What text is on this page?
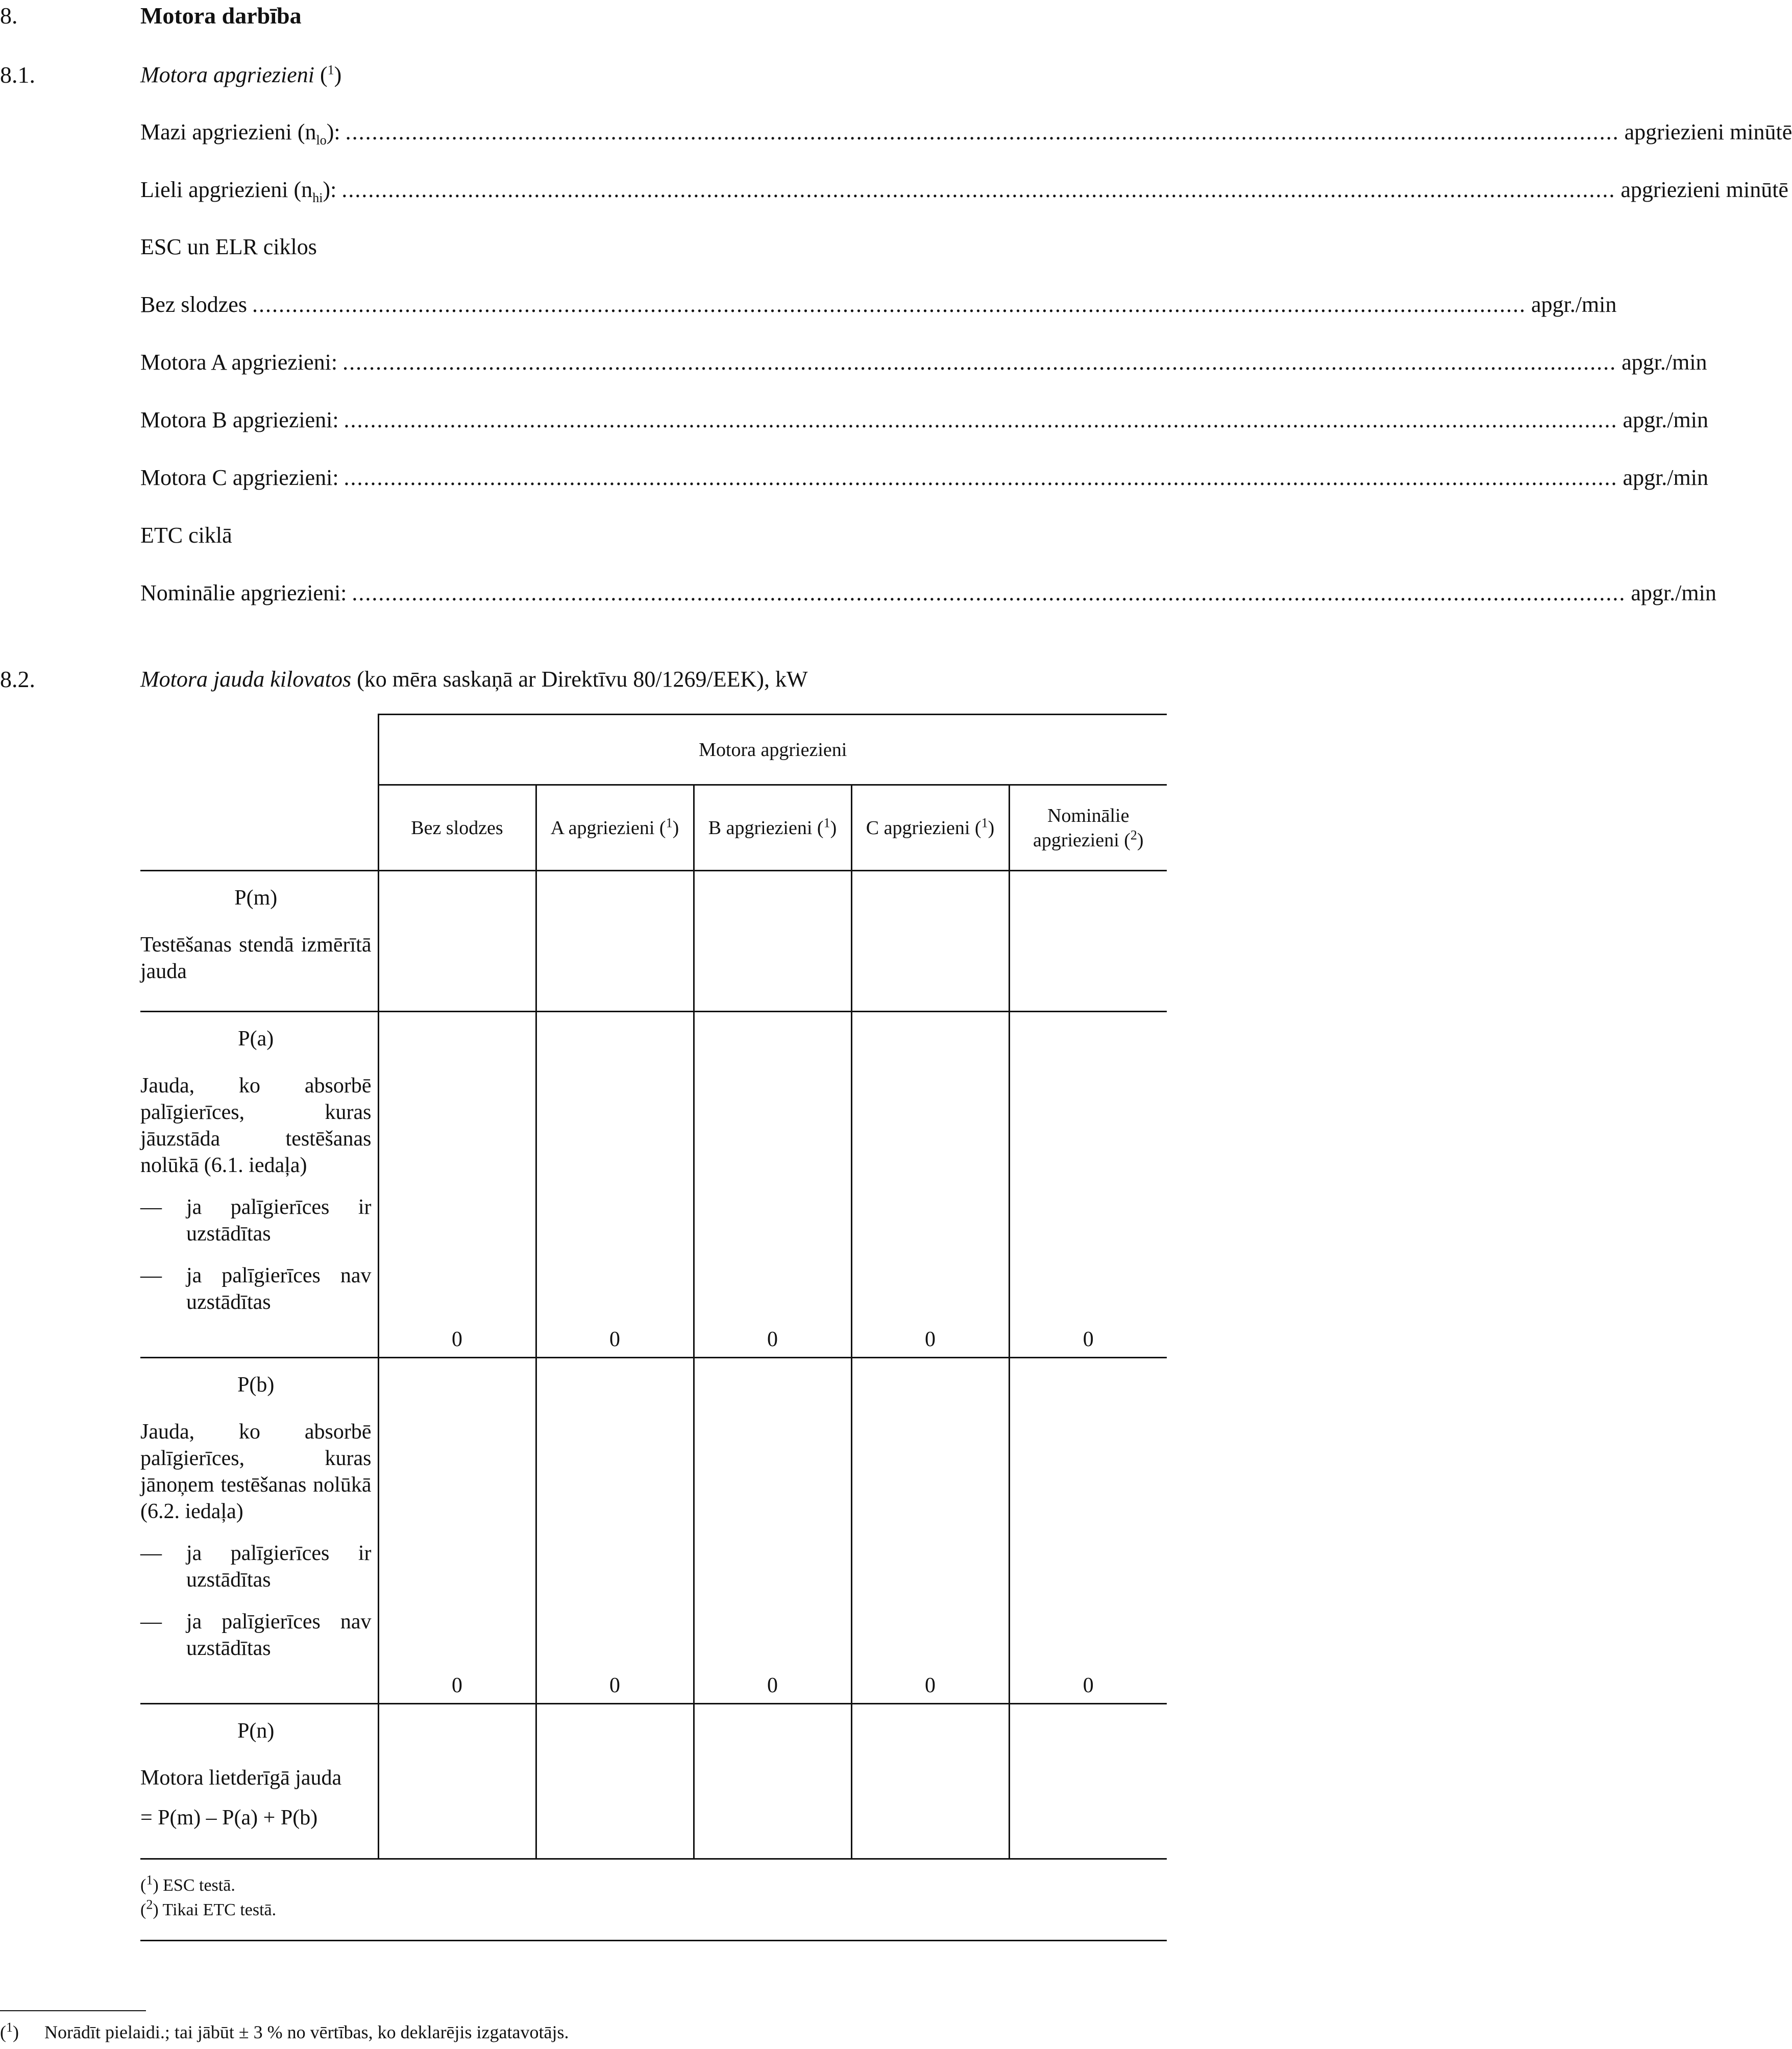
8.	Motora darbība
8.1.	Motora apgriezieni ($^1$)
Mazi apgriezieni $(n_{lo})$: ................................................................................................................................................................................................ apgriezieni minūtē
Lieli apgriezieni $(n_{hi})$: ................................................................................................................................................................................................ apgriezieni minūtē
ESC un ELR ciklos
Bez slodzes ................................................................................................................................................................................................ apgr./min
Motora A apgriezieni: ................................................................................................................................................................................................ apgr./min
Motora B apgriezieni: ................................................................................................................................................................................................ apgr./min
Motora C apgriezieni: ................................................................................................................................................................................................ apgr./min
ETC ciklā
Nominālie apgriezieni: ................................................................................................................................................................................................ apgr./min
8.2.	Motora jauda kilovatos (ko mēra saskaņā ar Direktīvu 80/1269/EEK), kW
	Motora apgriezieni				
	Bez slodzes	A apgriezieni ($^1$)	B apgriezieni ($^1$)	C apgriezieni ($^1$)	Nominālie apgriezieni ($^2$)

P(m)
Testēšanas stendā izmērītā jauda					

P(a)
Jauda, ko absorbē palīgierīces, kuras jāuzstāda testēšanas nolūkā (6.1. iedaļa)
— ja palīgierīces ir uzstādītas
— ja palīgierīces nav uzstādītas	0	0	0	0	0

P(b)
Jauda, ko absorbē palīgierīces, kuras jānoņem testēšanas nolūkā (6.2. iedaļa)
— ja palīgierīces ir uzstādītas
— ja palīgierīces nav uzstādītas	0	0	0	0	0

P(n)
Motora lietderīgā jauda
= P(m) – P(a) + P(b)					

($^1$) ESC testā.
($^2$) Tikai ETC testā.
($^1$) Norādīt pielaidi.; tai jābūt ± 3 % no vērtības, ko deklarējis izgatavotājs.
